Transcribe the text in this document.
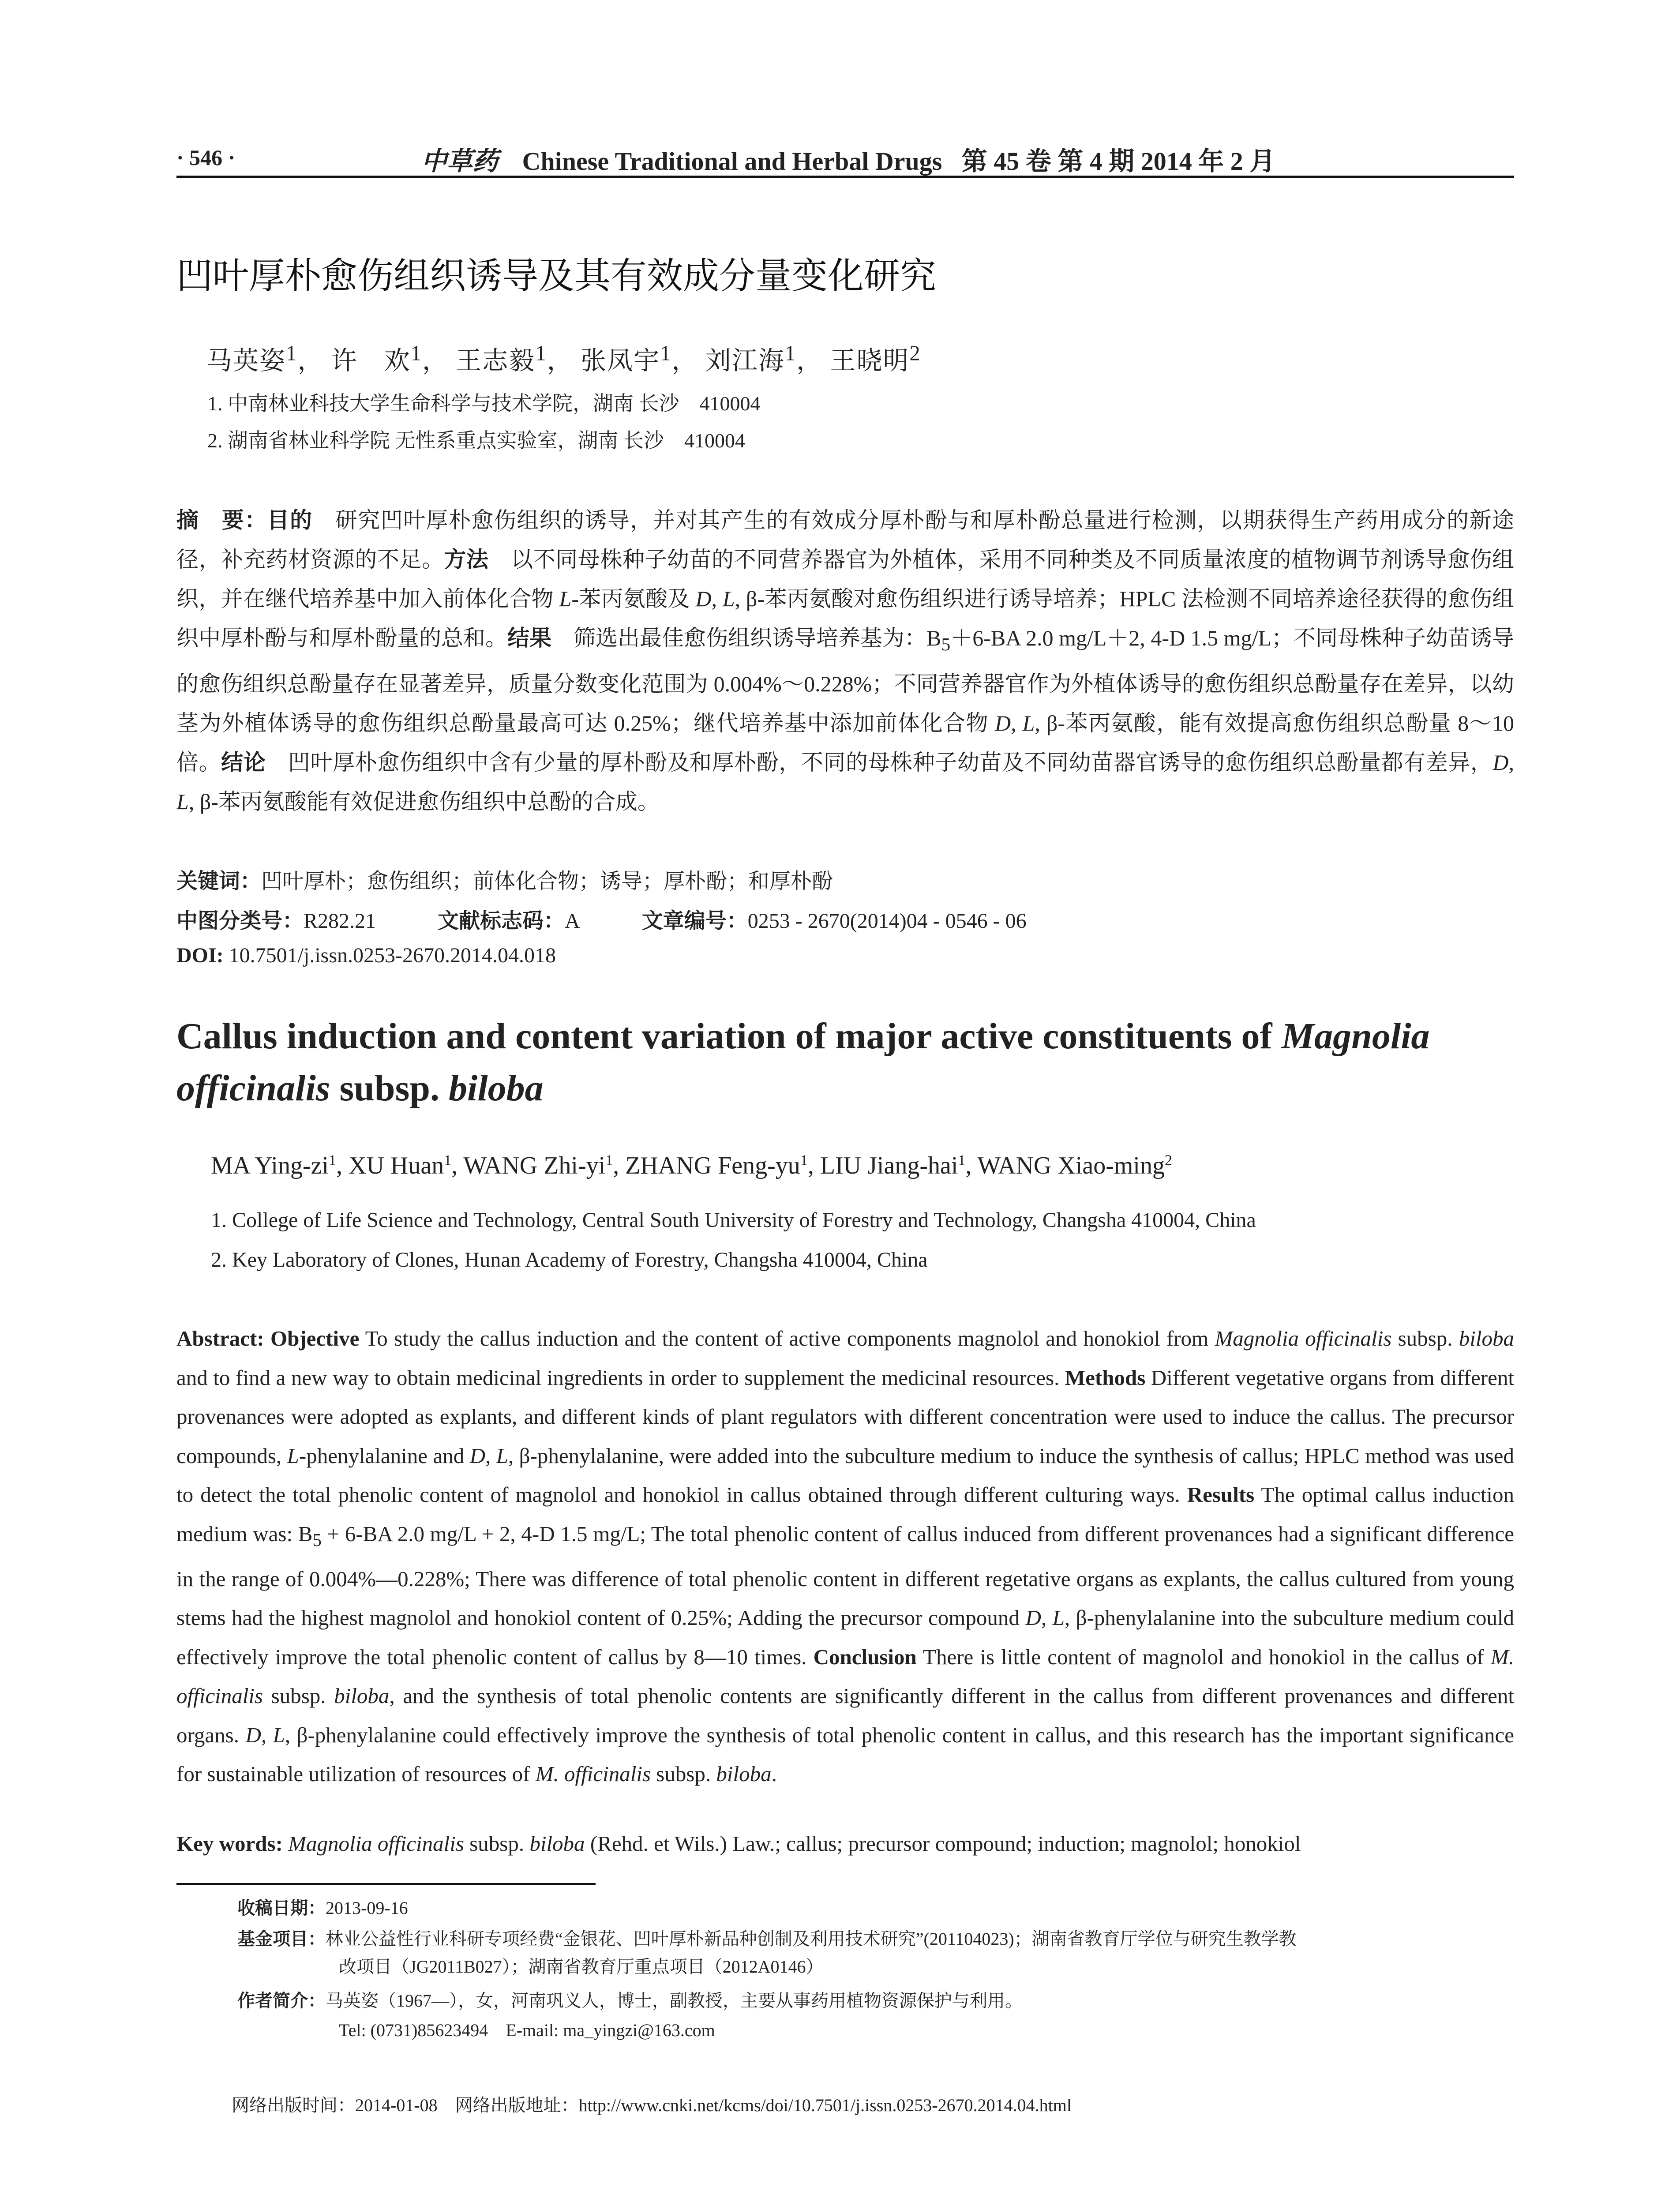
· 546 ·	中草药 Chinese Traditional and Herbal Drugs 第 45 卷 第 4 期 2014 年 2 月
凹叶厚朴愈伤组织诱导及其有效成分量变化研究
马英姿$^1$， 许　欢$^1$， 王志毅$^1$， 张凤宇$^1$， 刘江海$^1$， 王晓明$^2$
1. 中南林业科技大学生命科学与技术学院，湖南 长沙　410004
2. 湖南省林业科学院 无性系重点实验室，湖南 长沙　410004
摘　要：目的　研究凹叶厚朴愈伤组织的诱导，并对其产生的有效成分厚朴酚与和厚朴酚总量进行检测，以期获得生产药用成分的新途径，补充药材资源的不足。方法　以不同母株种子幼苗的不同营养器官为外植体，采用不同种类及不同质量浓度的植物调节剂诱导愈伤组织，并在继代培养基中加入前体化合物 L-苯丙氨酸及 D, L, β-苯丙氨酸对愈伤组织进行诱导培养；HPLC 法检测不同培养途径获得的愈伤组织中厚朴酚与和厚朴酚量的总和。结果　筛选出最佳愈伤组织诱导培养基为：$B_5+6-BA$ 2.0 mg/L＋2, 4-D 1.5 mg/L；不同母株种子幼苗诱导的愈伤组织总酚量存在显著差异，质量分数变化范围为 0.004%～0.228%；不同营养器官作为外植体诱导的愈伤组织总酚量存在差异，以幼茎为外植体诱导的愈伤组织总酚量最高可达 0.25%；继代培养基中添加前体化合物 D, L, β-苯丙氨酸，能有效提高愈伤组织总酚量 8～10 倍。结论　凹叶厚朴愈伤组织中含有少量的厚朴酚及和厚朴酚，不同的母株种子幼苗及不同幼苗器官诱导的愈伤组织总酚量都有差异，D, L, β-苯丙氨酸能有效促进愈伤组织中总酚的合成。
关键词：凹叶厚朴；愈伤组织；前体化合物；诱导；厚朴酚；和厚朴酚
中图分类号：R282.21	文献标志码：A	文章编号：0253 - 2670(2014)04 - 0546 - 06
DOI: 10.7501/j.issn.0253-2670.2014.04.018
Callus induction and content variation of major active constituents of Magnolia officinalis subsp. biloba
MA Ying-$zi^1$, XU Huan$^1$, WANG Zhi-$yi^1$, ZHANG Feng-$yu^1$, LIU Jiang-hai$^1$, WANG Xiao-ming$^2$
1. College of Life Science and Technology, Central South University of Forestry and Technology, Changsha 410004, China
2. Key Laboratory of Clones, Hunan Academy of Forestry, Changsha 410004, China
Abstract: Objective To study the callus induction and the content of active components magnolol and honokiol from Magnolia officinalis subsp. biloba and to find a new way to obtain medicinal ingredients in order to supplement the medicinal resources. Methods Different vegetative organs from different provenances were adopted as explants, and different kinds of plant regulators with different concentration were used to induce the callus. The precursor compounds, L-phenylalanine and D, L, β-phenylalanine, were added into the subculture medium to induce the synthesis of callus; HPLC method was used to detect the total phenolic content of magnolol and honokiol in callus obtained through different culturing ways. Results The optimal callus induction medium was: $B_5 + 6-BA$ 2.0 mg/L + 2, 4-D 1.5 mg/L; The total phenolic content of callus induced from different provenances had a significant difference in the range of 0.004%—0.228%; There was difference of total phenolic content in different regetative organs as explants, the callus cultured from young stems had the highest magnolol and honokiol content of 0.25%; Adding the precursor compound D, L, β-phenylalanine into the subculture medium could effectively improve the total phenolic content of callus by 8—10 times. Conclusion There is little content of magnolol and honokiol in the callus of M. officinalis subsp. biloba, and the synthesis of total phenolic contents are significantly different in the callus from different provenances and different organs. D, L, β-phenylalanine could effectively improve the synthesis of total phenolic content in callus, and this research has the important significance for sustainable utilization of resources of M. officinalis subsp. biloba.
Key words: Magnolia officinalis subsp. biloba (Rehd. et Wils.) Law.; callus; precursor compound; induction; magnolol; honokiol
收稿日期：2013-09-16
基金项目：林业公益性行业科研专项经费“金银花、凹叶厚朴新品种创制及利用技术研究”(201104023)；湖南省教育厅学位与研究生教学教
改项目（JG2011B027）；湖南省教育厅重点项目（2012A0146）
作者简介：马英姿（1967—），女，河南巩义人，博士，副教授，主要从事药用植物资源保护与利用。
Tel: (0731)85623494　E-mail: ma_yingzi@163.com
网络出版时间：2014-01-08　 网络出版地址：http://www.cnki.net/kcms/doi/10.7501/j.issn.0253-2670.2014.04.html
